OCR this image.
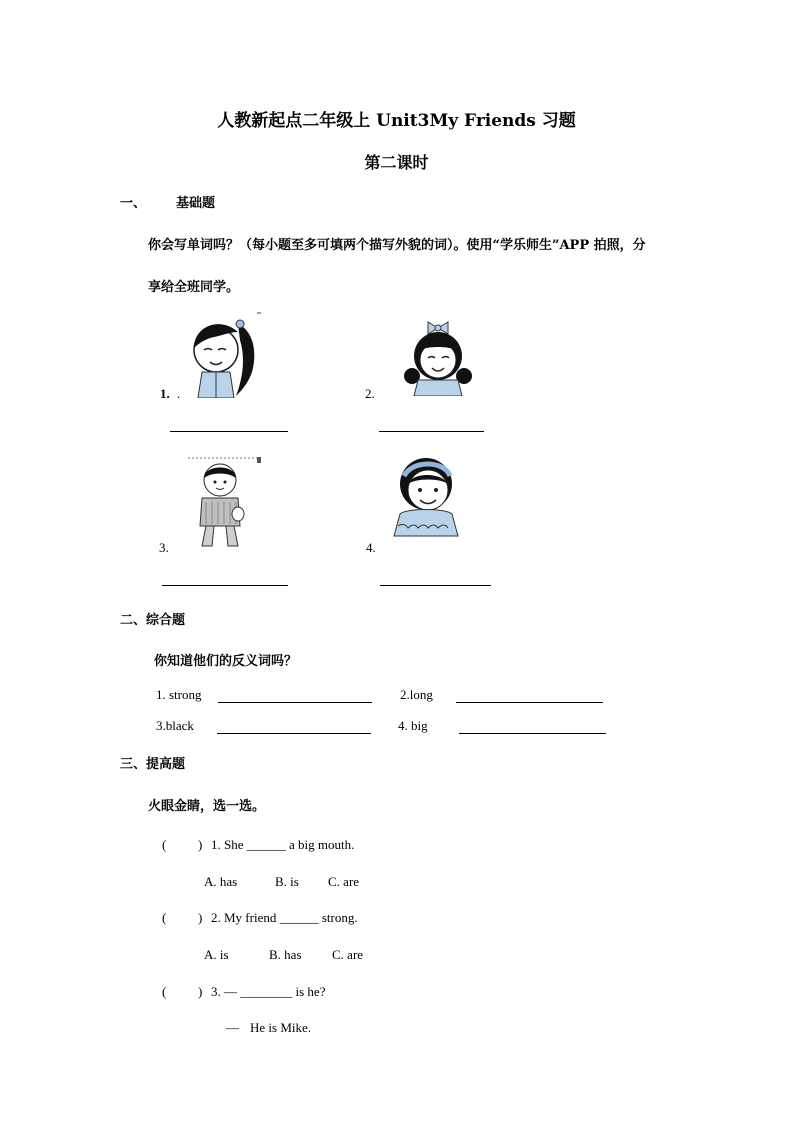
人教新起点二年级上 Unit3My Friends 习题
第二课时
一、 基础题
你会写单词吗？（每小题至多可填两个描写外貌的词）。使用“学乐师生”APP 拍照，分
享给全班同学。
1. .	2.
3.	4.
二、综合题
你知道他们的反义词吗？
1. strong	2.long
3.black	4. big
三、提高题
火眼金睛，选一选。
( ) 1. She ______ a big mouth.
A. has	B. is C. are
( ) 2. My friend ______ strong.
A. is	B. has C. are
( ) 3. — ________ is he?
— He is Mike.
